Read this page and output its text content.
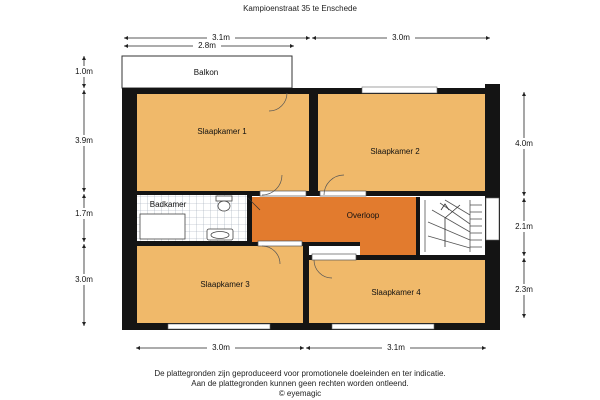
Kampioenstraat 35 te Enschede
Balkon
Slaapkamer 1
Slaapkamer 2
Badkamer
Overloop
Slaapkamer 3
Slaapkamer 4
3.1m
2.8m
3.0m
3.0m	3.1m
1.0m
3.9m
1.7m
3.0m
4.0m
2.1m
2.3m
De plattegronden zijn geproduceerd voor promotionele doeleinden en ter indicatie.
Aan de plattegronden kunnen geen rechten worden ontleend.
© eyemagic
